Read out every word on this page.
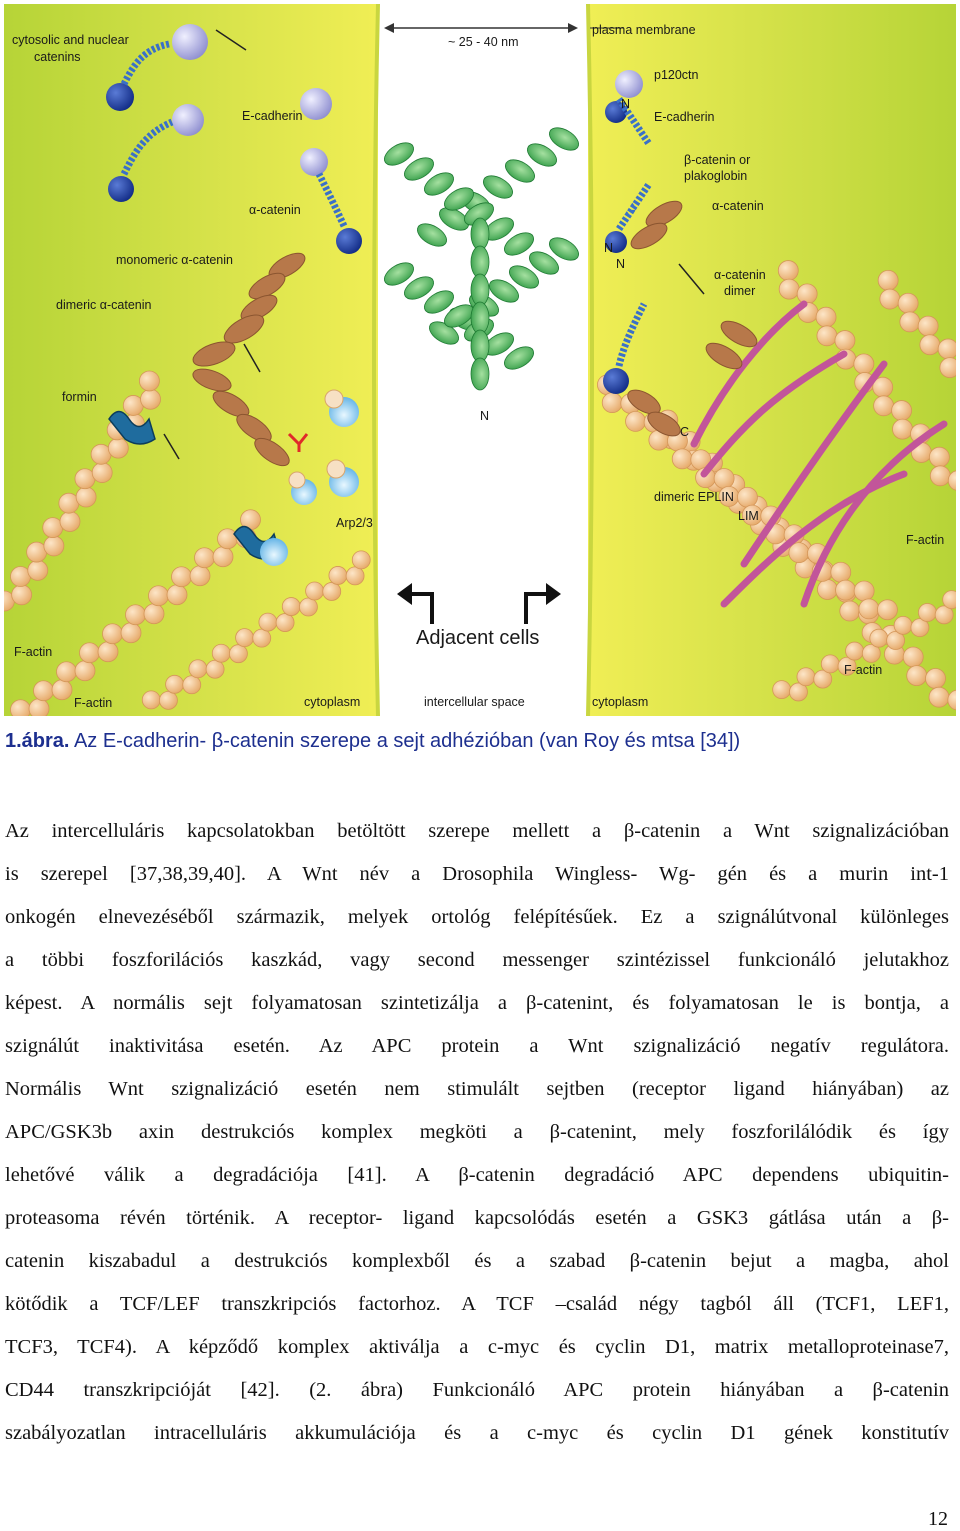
cytosolic and nuclear
catenins
~ 25 - 40 nm
plasma membrane
p120ctn
E-cadherin	E-cadherin
β-catenin or
plakoglobin
α-catenin	α-catenin
monomeric α-catenin
α-catenin
dimer
dimeric α-catenin
formin
Arp2/3
N
N
N
N
C
dimeric EPLIN
LIM
F-actin
F-actin
F-actin
F-actin
Adjacent cells
cytoplasm	intercellular space	cytoplasm
1.ábra. Az E-cadherin- β-catenin szerepe a sejt adhézióban (van Roy és mtsa [34])
Az intercelluláris kapcsolatokban betöltött szerepe mellett a β-catenin a Wnt szignalizációban
is szerepel [37,38,39,40]. A Wnt név a Drosophila Wingless- Wg- gén és a murin int-1
onkogén elnevezéséből származik, melyek ortológ felépítésűek. Ez a szignálútvonal különleges
a többi foszforilációs kaszkád, vagy second messenger szintézissel funkcionáló jelutakhoz
képest. A normális sejt folyamatosan szintetizálja a β-catenint, és folyamatosan le is bontja, a
szignálút inaktivitása esetén. Az APC protein a Wnt szignalizáció negatív regulátora.
Normális Wnt szignalizáció esetén nem stimulált sejtben (receptor ligand hiányában) az
APC/GSK3b axin destrukciós komplex megköti a β-catenint, mely foszforilálódik és így
lehetővé válik a degradációja [41]. A β-catenin degradáció APC dependens ubiquitin-
proteasoma révén történik. A receptor- ligand kapcsolódás esetén a GSK3 gátlása után a β-
catenin kiszabadul a destrukciós komplexből és a szabad β-catenin bejut a magba, ahol
kötődik a TCF/LEF transzkripciós factorhoz. A TCF –család négy tagból áll (TCF1, LEF1,
TCF3, TCF4). A képződő komplex aktiválja a c-myc és cyclin D1, matrix metalloproteinase7,
CD44 transzkripcióját [42]. (2. ábra) Funkcionáló APC protein hiányában a β-catenin
szabályozatlan intracelluláris akkumulációja és a c-myc és cyclin D1 gének konstitutív
12
